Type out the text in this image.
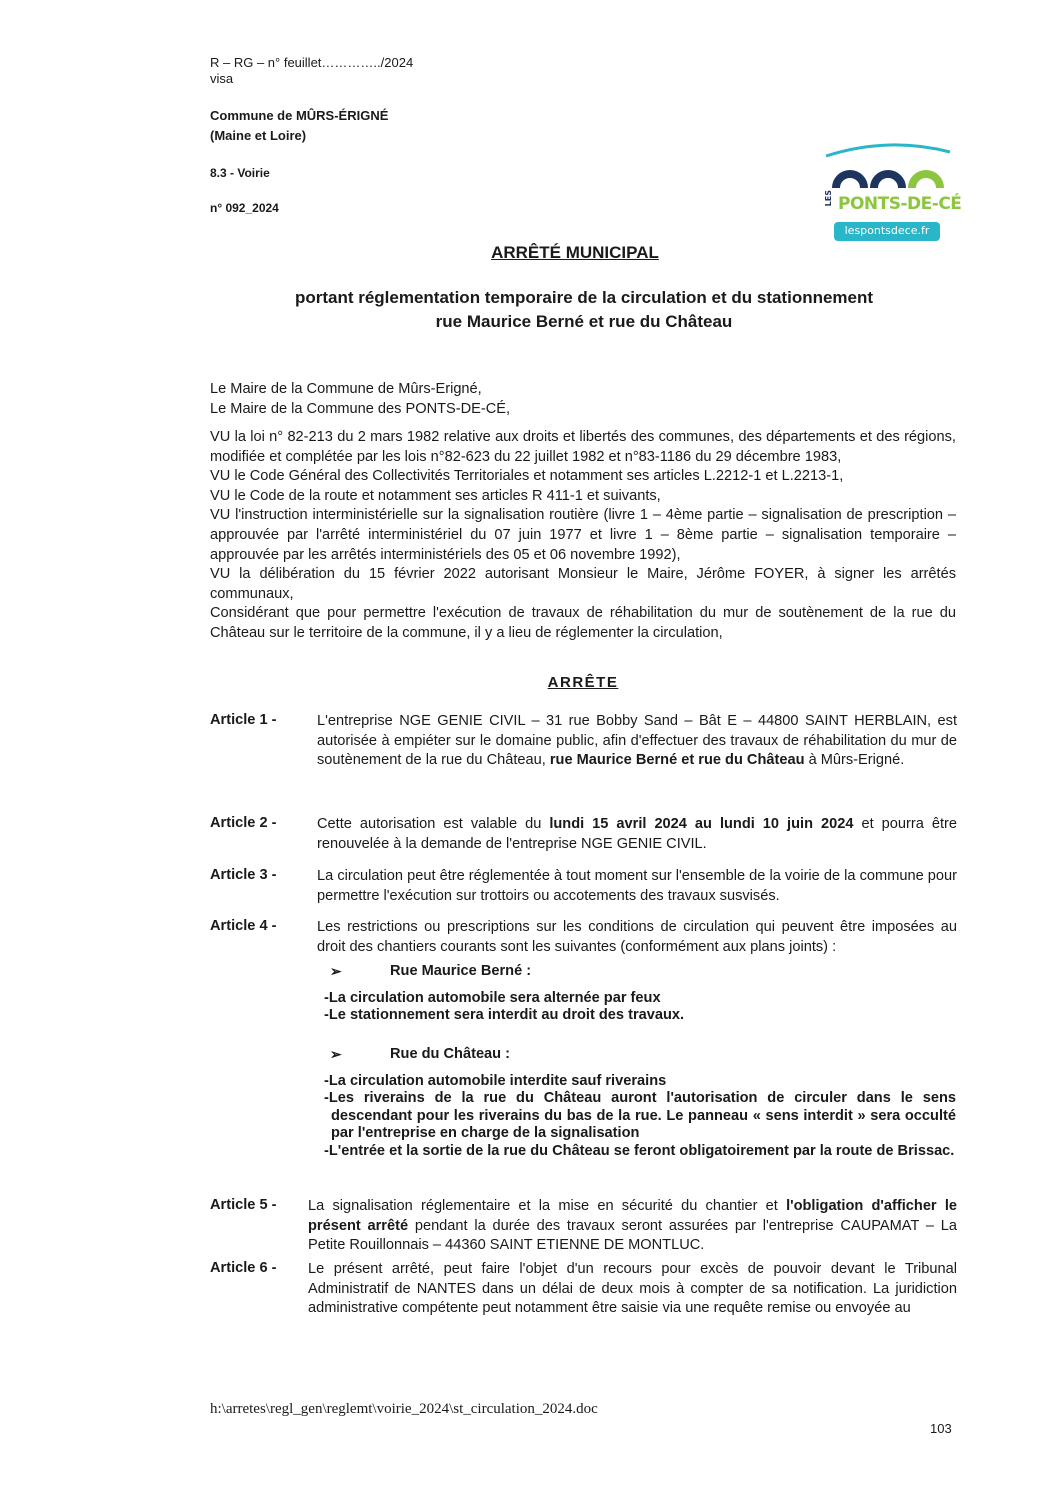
R – RG – n° feuillet…………../2024
visa
Commune de MÛRS-ÉRIGNÉ
(Maine et Loire)
8.3 - Voirie
n° 092_2024
LES PONTS-DE-CÉ
lespontsdece.fr
ARRÊTÉ MUNICIPAL
portant réglementation temporaire de la circulation et du stationnement
rue Maurice Berné et rue du Château
Le Maire de la Commune de Mûrs-Erigné,
Le Maire de la Commune des PONTS-DE-CÉ,
VU la loi n° 82-213 du 2 mars 1982 relative aux droits et libertés des communes, des départements et des régions, modifiée et complétée par les lois n°82-623 du 22 juillet 1982 et n°83-1186 du 29 décembre 1983,
VU le Code Général des Collectivités Territoriales et notamment ses articles L.2212-1 et L.2213-1,
VU le Code de la route et notamment ses articles R 411-1 et suivants,
VU l'instruction interministérielle sur la signalisation routière (livre 1 – 4ème partie – signalisation de prescription – approuvée par l'arrêté interministériel du 07 juin 1977 et livre 1 – 8ème partie – signalisation temporaire – approuvée par les arrêtés interministériels des 05 et 06 novembre 1992),
VU la délibération du 15 février 2022 autorisant Monsieur le Maire, Jérôme FOYER, à signer les arrêtés communaux,
Considérant que pour permettre l'exécution de travaux de réhabilitation du mur de soutènement de la rue du Château sur le territoire de la commune, il y a lieu de réglementer la circulation,
ARRÊTE
Article 1 -	L'entreprise NGE GENIE CIVIL – 31 rue Bobby Sand – Bât E – 44800 SAINT HERBLAIN, est autorisée à empiéter sur le domaine public, afin d'effectuer des travaux de réhabilitation du mur de soutènement de la rue du Château, rue Maurice Berné et rue du Château à Mûrs-Erigné.
Article 2 -	Cette autorisation est valable du lundi 15 avril 2024 au lundi 10 juin 2024 et pourra être renouvelée à la demande de l'entreprise NGE GENIE CIVIL.
Article 3 -	La circulation peut être réglementée à tout moment sur l'ensemble de la voirie de la commune pour permettre l'exécution sur trottoirs ou accotements des travaux susvisés.
Article 4 -	Les restrictions ou prescriptions sur les conditions de circulation qui peuvent être imposées au droit des chantiers courants sont les suivantes (conformément aux plans joints) :
➢	Rue Maurice Berné :
-La circulation automobile sera alternée par feux
-Le stationnement sera interdit au droit des travaux.
➢	Rue du Château :
-La circulation automobile interdite sauf riverains
-Les riverains de la rue du Château auront l'autorisation de circuler dans le sens descendant pour les riverains du bas de la rue. Le panneau « sens interdit » sera occulté par l'entreprise en charge de la signalisation
-L'entrée et la sortie de la rue du Château se feront obligatoirement par la route de Brissac.
Article 5 - La signalisation réglementaire et la mise en sécurité du chantier et l'obligation d'afficher le présent arrêté pendant la durée des travaux seront assurées par l'entreprise CAUPAMAT – La Petite Rouillonnais – 44360 SAINT ETIENNE DE MONTLUC.
Article 6 - Le présent arrêté, peut faire l'objet d'un recours pour excès de pouvoir devant le Tribunal Administratif de NANTES dans un délai de deux mois à compter de sa notification. La juridiction administrative compétente peut notamment être saisie via une requête remise ou envoyée au
h:\arretes\regl_gen\reglemt\voirie_2024\st_circulation_2024.doc
103
